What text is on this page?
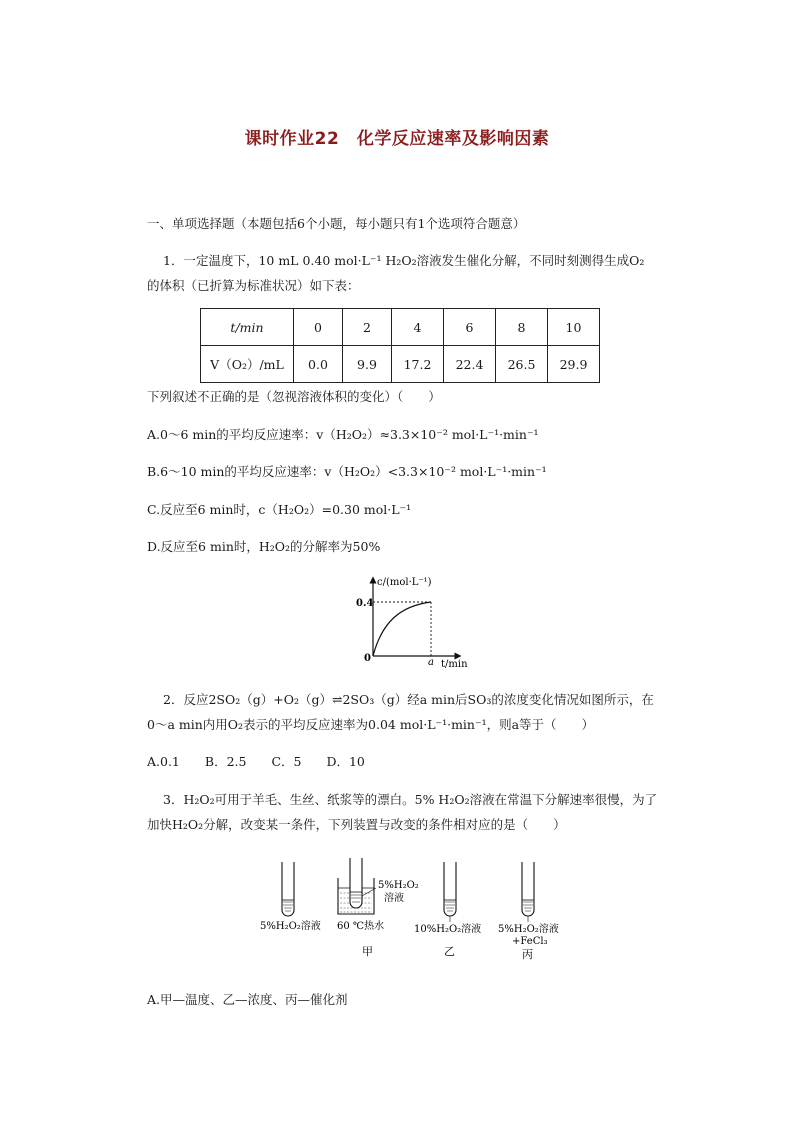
课时作业22　化学反应速率及影响因素
一、单项选择题（本题包括6个小题，每小题只有1个选项符合题意）
1．一定温度下，10 mL 0.40 mol·L⁻¹ H₂O₂溶液发生催化分解，不同时刻测得生成O₂
的体积（已折算为标准状况）如下表：
t/min	0	2	4	6	8	10
V（O₂）/mL	0.0	9.9	17.2	22.4	26.5	29.9
下列叙述不正确的是（忽视溶液体积的变化）（　　）
A.0～6 min的平均反应速率：v（H₂O₂）≈3.3×10⁻² mol·L⁻¹·min⁻¹
B.6～10 min的平均反应速率：v（H₂O₂）<3.3×10⁻² mol·L⁻¹·min⁻¹
C.反应至6 min时，c（H₂O₂）=0.30 mol·L⁻¹
D.反应至6 min时，H₂O₂的分解率为50%
c/(mol·L⁻¹)
0.4
0	a t/min
2．反应2SO₂（g）+O₂（g）⇌2SO₃（g）经a min后SO₃的浓度变化情况如图所示，在
0～a min内用O₂表示的平均反应速率为0.04 mol·L⁻¹·min⁻¹，则a等于（　　）
A.0.1　　B．2.5　　C．5　　D．10
3．H₂O₂可用于羊毛、生丝、纸浆等的漂白。5% H₂O₂溶液在常温下分解速率很慢，为了
加快H₂O₂分解，改变某一条件，下列装置与改变的条件相对应的是（　　）
5%H₂O₂溶液
5%H₂O₂
溶液
60 ℃热水
甲
10%H₂O₂溶液
乙
5%H₂O₂溶液
+FeCl₃
丙
A.甲—温度、乙—浓度、丙—催化剂
